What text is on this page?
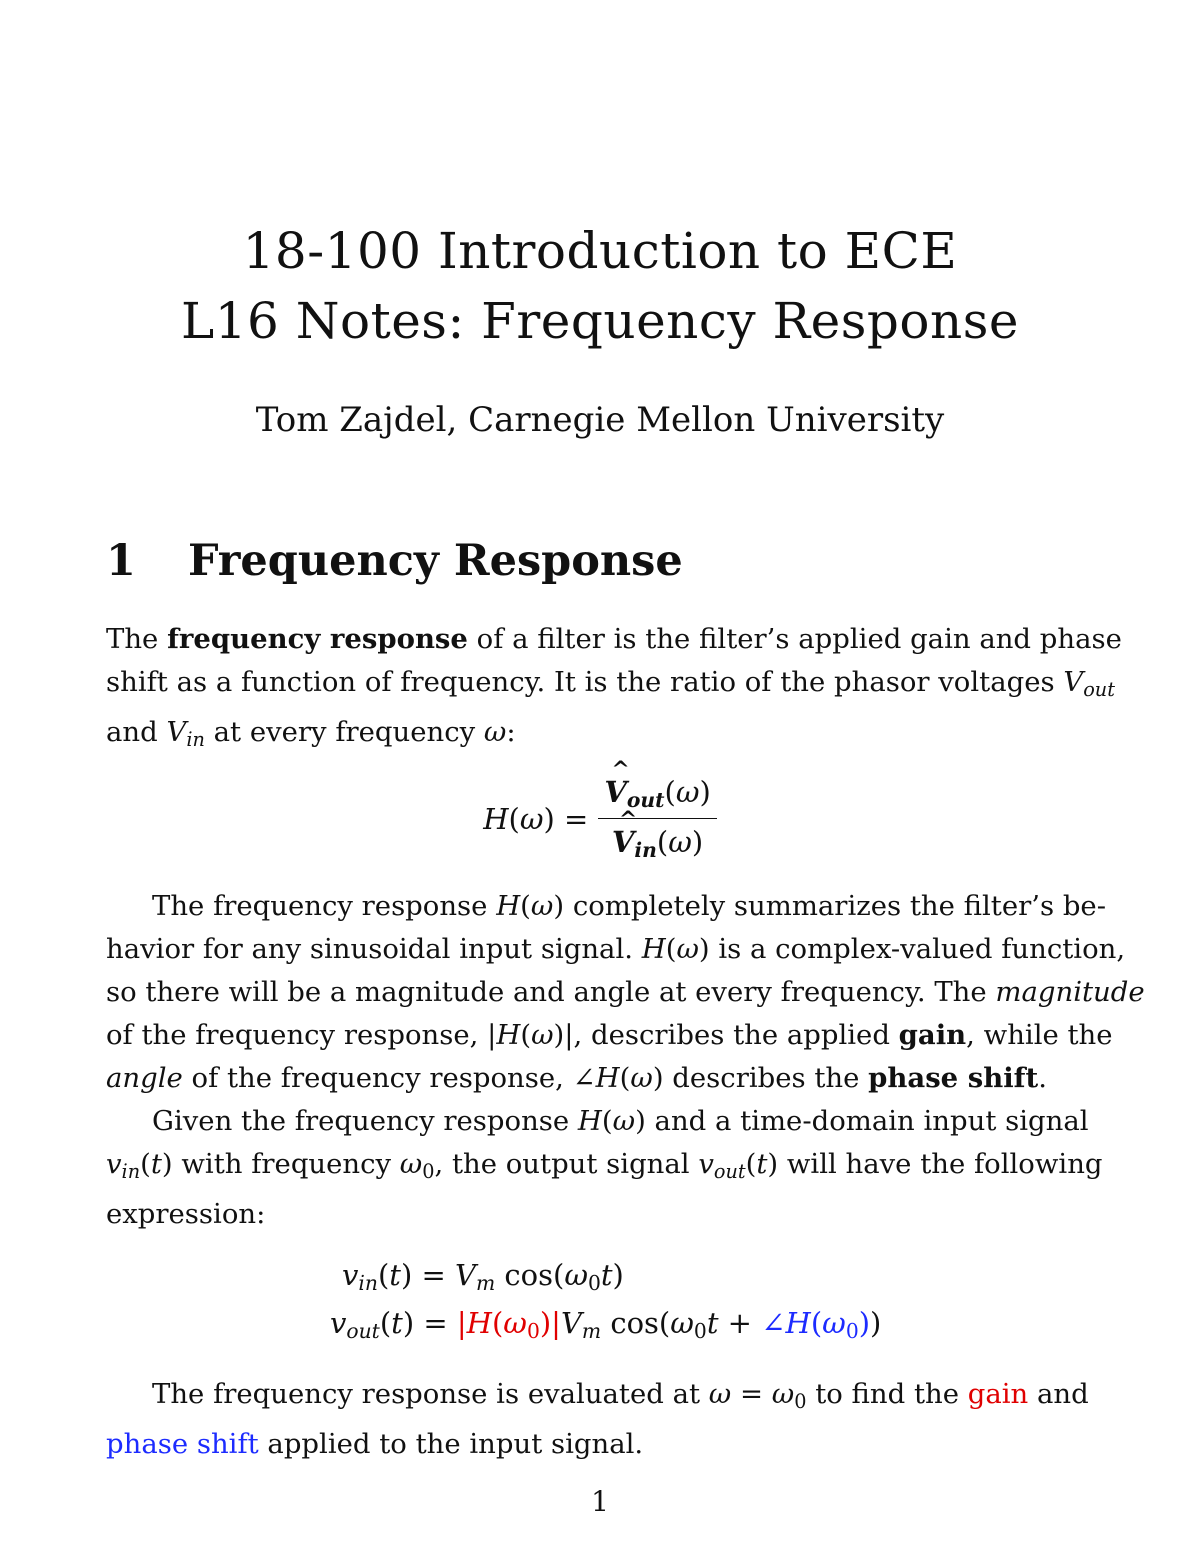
18-100 Introduction to ECE
L16 Notes: Frequency Response

Tom Zajdel, Carnegie Mellon University

1 Frequency Response
The frequency response of a filter is the filter’s applied gain and phase
shift as a function of frequency. It is the ratio of the phasor voltages $V_{out}$
and $V_{in}$ at every frequency ω:
H(ω) =
^ $V_{out}(\omega)$
^ $V_{in}(\omega)$
The frequency response H(ω) completely summarizes the filter’s be-
havior for any sinusoidal input signal. H(ω) is a complex-valued function,
so there will be a magnitude and angle at every frequency. The magnitude
of the frequency response, |H(ω)|, describes the applied gain, while the
angle of the frequency response, ∠H(ω) describes the phase shift.
Given the frequency response H(ω) and a time-domain input signal
$v_{in}(t)$ with frequency ω0, the output signal $v_{out}(t)$ will have the following
expression:
$v_{in}(t) = V_m$ cos(ω0t)
$v_{out}(t) = |H(\omega 0)|V_m$ cos(ω0t + ∠H(ω0))
The frequency response is evaluated at ω = ω0 to find the gain and
phase shift applied to the input signal.
1
